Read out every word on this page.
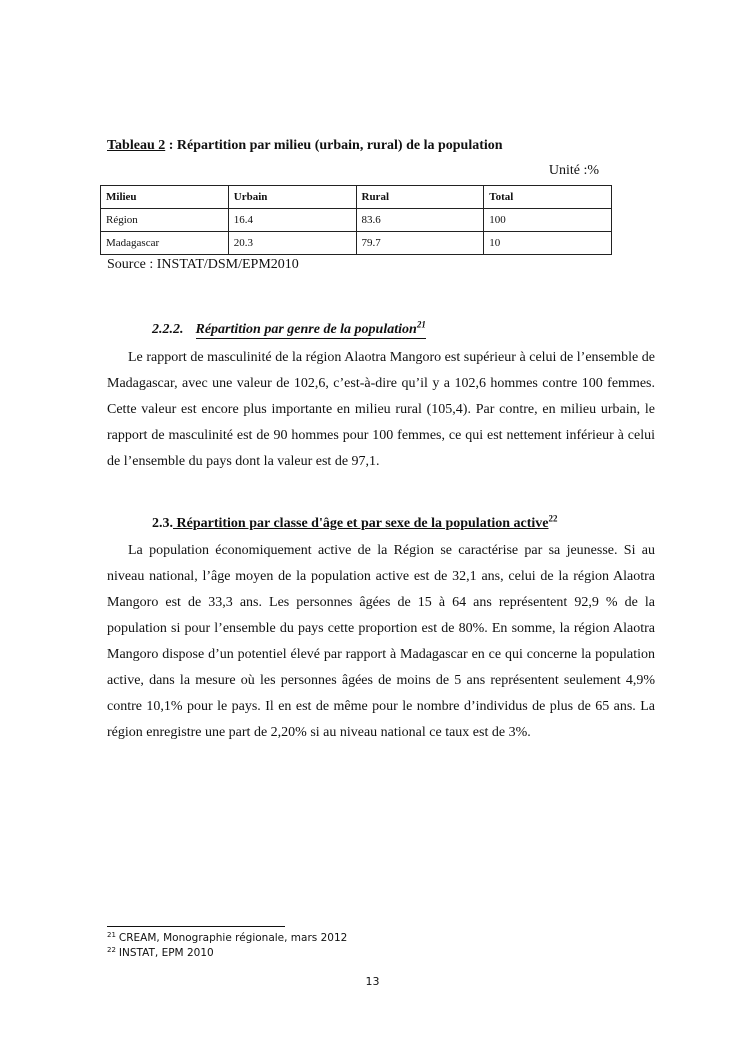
Tableau 2 : Répartition par milieu (urbain, rural) de la population
Unité :%
Milieu	Urbain	Rural	Total
Région	16.4	83.6	100
Madagascar	20.3	79.7	10
Source : INSTAT/DSM/EPM2010
2.2.2. Répartition par genre de la population$^{21}$

Le rapport de masculinité de la région Alaotra Mangoro est supérieur à celui de l’ensemble de Madagascar, avec une valeur de 102,6, c’est-à-dire qu’il y a 102,6 hommes contre 100 femmes. Cette valeur est encore plus importante en milieu rural (105,4). Par contre, en milieu urbain, le rapport de masculinité est de 90 hommes pour 100 femmes, ce qui est nettement inférieur à celui de l’ensemble du pays dont la valeur est de 97,1.

2.3. Répartition par classe d'âge et par sexe de la population active$^{22}$

La population économiquement active de la Région se caractérise par sa jeunesse. Si au niveau national, l’âge moyen de la population active est de 32,1 ans, celui de la région Alaotra Mangoro est de 33,3 ans. Les personnes âgées de 15 à 64 ans représentent 92,9 % de la population si pour l’ensemble du pays cette proportion est de 80%. En somme, la région Alaotra Mangoro dispose d’un potentiel élevé par rapport à Madagascar en ce qui concerne la population active, dans la mesure où les personnes âgées de moins de 5 ans représentent seulement 4,9% contre 10,1% pour le pays. Il en est de même pour le nombre d’individus de plus de 65 ans. La région enregistre une part de 2,20% si au niveau national ce taux est de 3%.

$^{21}$ CREAM, Monographie régionale, mars 2012
$^{22}$ INSTAT, EPM 2010
13
